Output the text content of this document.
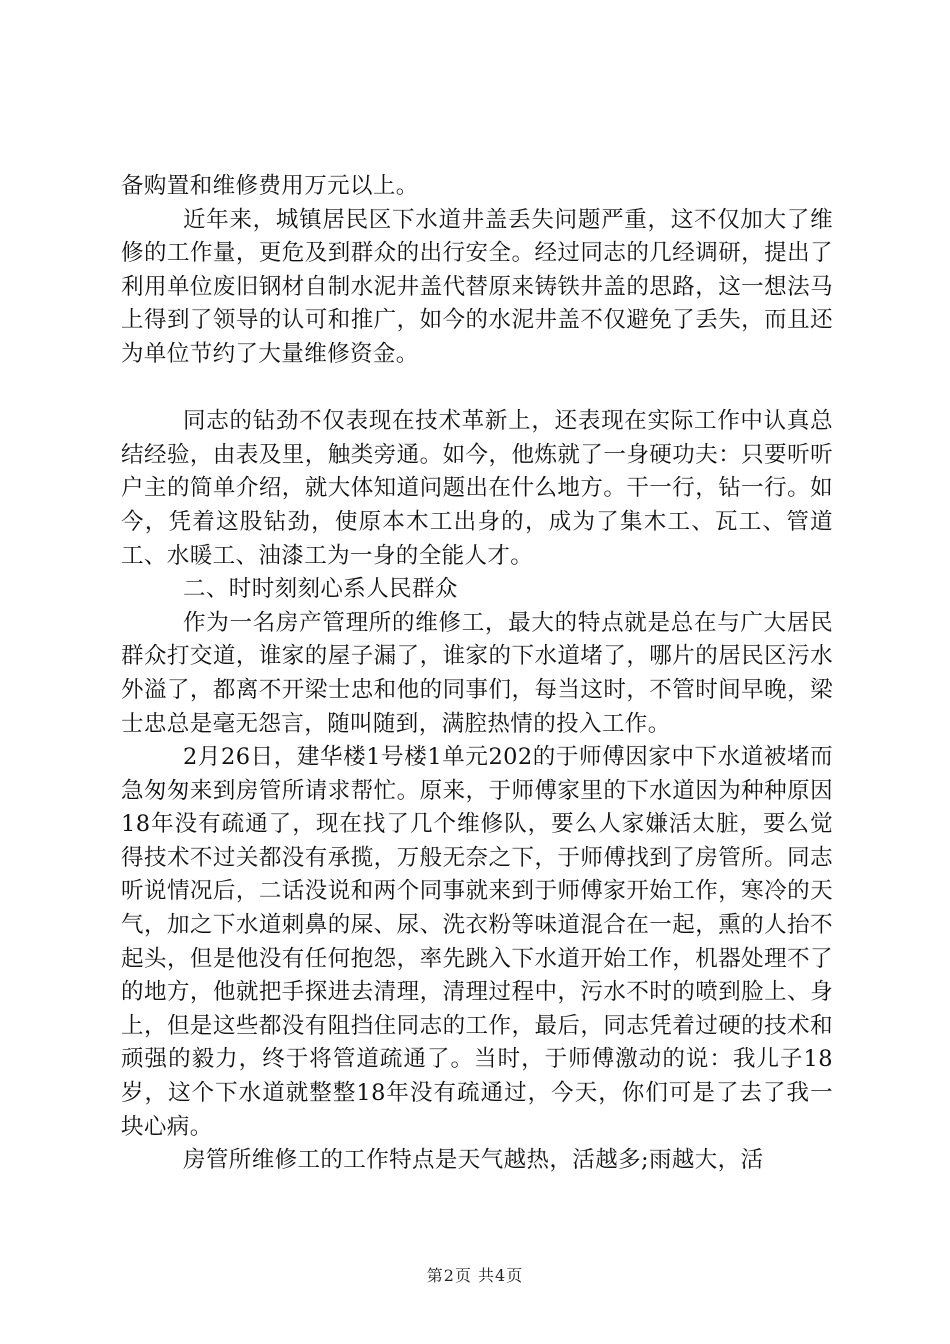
备购置和维修费用万元以上。

近年来，城镇居民区下水道井盖丢失问题严重，这不仅加大了维修的工作量，更危及到群众的出行安全。经过同志的几经调研，提出了利用单位废旧钢材自制水泥井盖代替原来铸铁井盖的思路，这一想法马上得到了领导的认可和推广，如今的水泥井盖不仅避免了丢失，而且还为单位节约了大量维修资金。

同志的钻劲不仅表现在技术革新上，还表现在实际工作中认真总结经验，由表及里，触类旁通。如今，他炼就了一身硬功夫：只要听听户主的简单介绍，就大体知道问题出在什么地方。干一行，钻一行。如今，凭着这股钻劲，使原本木工出身的，成为了集木工、瓦工、管道工、水暖工、油漆工为一身的全能人才。

二、时时刻刻心系人民群众

作为一名房产管理所的维修工，最大的特点就是总在与广大居民群众打交道，谁家的屋子漏了，谁家的下水道堵了，哪片的居民区污水外溢了，都离不开梁士忠和他的同事们，每当这时，不管时间早晚，梁士忠总是毫无怨言，随叫随到，满腔热情的投入工作。

2月26日，建华楼1号楼1单元202的于师傅因家中下水道被堵而急匆匆来到房管所请求帮忙。原来，于师傅家里的下水道因为种种原因18年没有疏通了，现在找了几个维修队，要么人家嫌活太脏，要么觉得技术不过关都没有承揽，万般无奈之下，于师傅找到了房管所。同志听说情况后，二话没说和两个同事就来到于师傅家开始工作，寒冷的天气，加之下水道刺鼻的屎、尿、洗衣粉等味道混合在一起，熏的人抬不起头，但是他没有任何抱怨，率先跳入下水道开始工作，机器处理不了的地方，他就把手探进去清理，清理过程中，污水不时的喷到脸上、身上，但是这些都没有阻挡住同志的工作，最后，同志凭着过硬的技术和顽强的毅力，终于将管道疏通了。当时，于师傅激动的说：我儿子18岁，这个下水道就整整18年没有疏通过，今天，你们可是了去了我一块心病。

房管所维修工的工作特点是天气越热，活越多;雨越大，活

第2页 共4页
